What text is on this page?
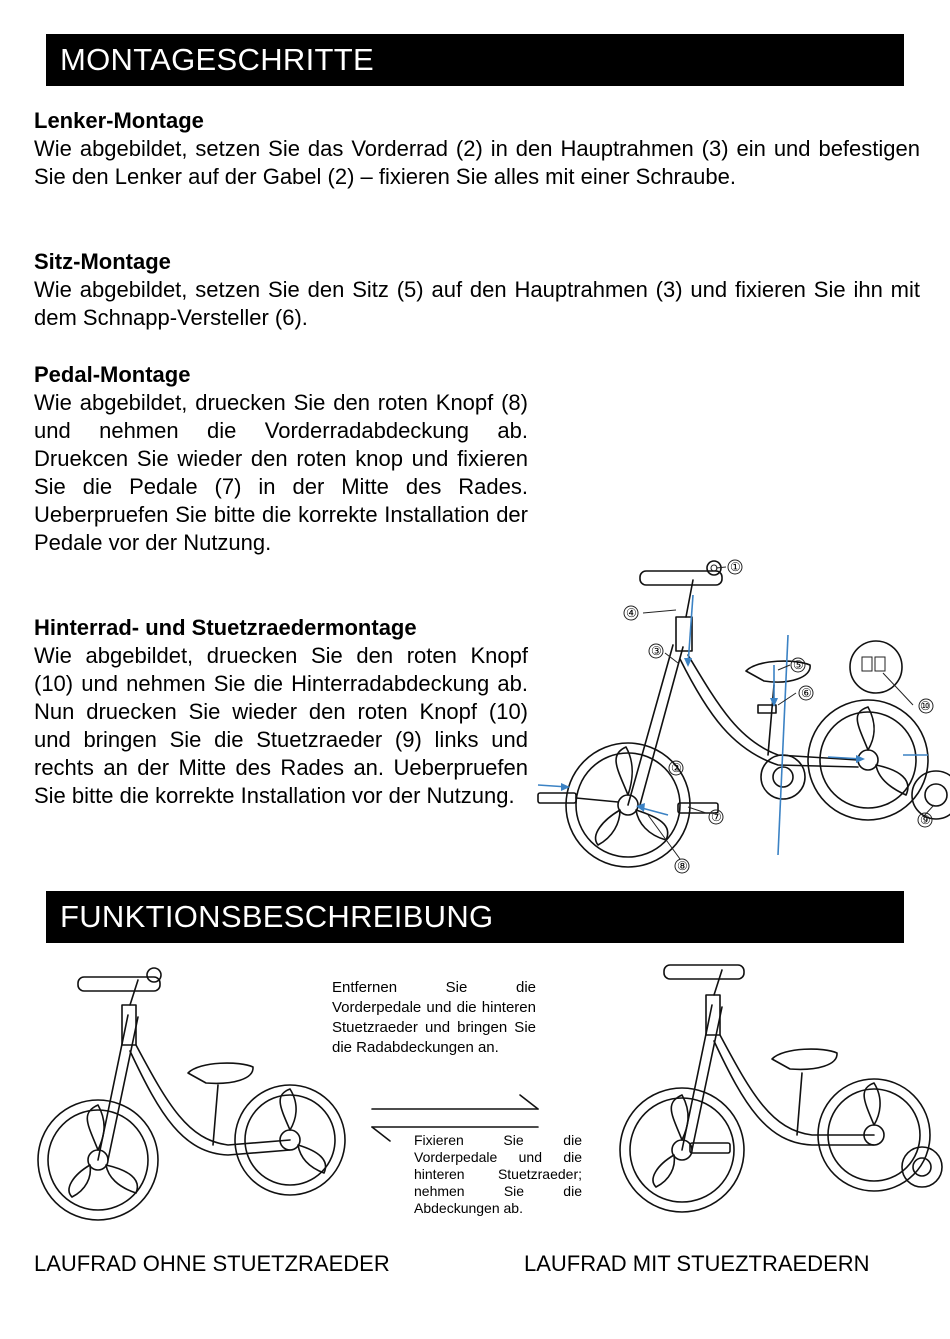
MONTAGESCHRITTE
Lenker-Montage
Wie abgebildet, setzen Sie das Vorderrad (2) in den Hauptrahmen (3) ein und befestigen Sie den Lenker auf der Gabel (2) – fixieren Sie alles mit einer Schraube.
Sitz-Montage
Wie abgebildet, setzen Sie den Sitz (5) auf den Hauptrahmen (3) und fixieren Sie ihn mit dem Schnapp-Versteller (6).
Pedal-Montage
Wie abgebildet, druecken Sie den roten Knopf (8) und nehmen die Vorderradabdeckung ab. Druekcen Sie wieder den roten knop und fixieren Sie die Pedale (7) in der Mitte des Rades. Ueberpruefen Sie bitte die korrekte Installation der Pedale vor der Nutzung.
Hinterrad- und Stuetzraedermontage
Wie abgebildet, druecken Sie den roten Knopf (10) und nehmen Sie die Hinterradabdeckung ab. Nun druecken Sie wieder den roten Knopf (10) und bringen Sie die Stuetzraeder (9) links und rechts an der Mitte des Rades an. Ueberpruefen Sie bitte die korrekte Installation vor der Nutzung.
①
②
③
④
⑤
⑥
⑦
⑧
⑨
⑩
FUNKTIONSBESCHREIBUNG
Entfernen Sie die Vorderpedale und die hinteren Stuetzraeder und bringen Sie die Radabdeckungen an.
Fixieren Sie die Vorderpedale und die hinteren Stuetzraeder; nehmen Sie die Abdeckungen ab.
LAUFRAD OHNE STUETZRAEDER	LAUFRAD MIT STUEZTRAEDERN
